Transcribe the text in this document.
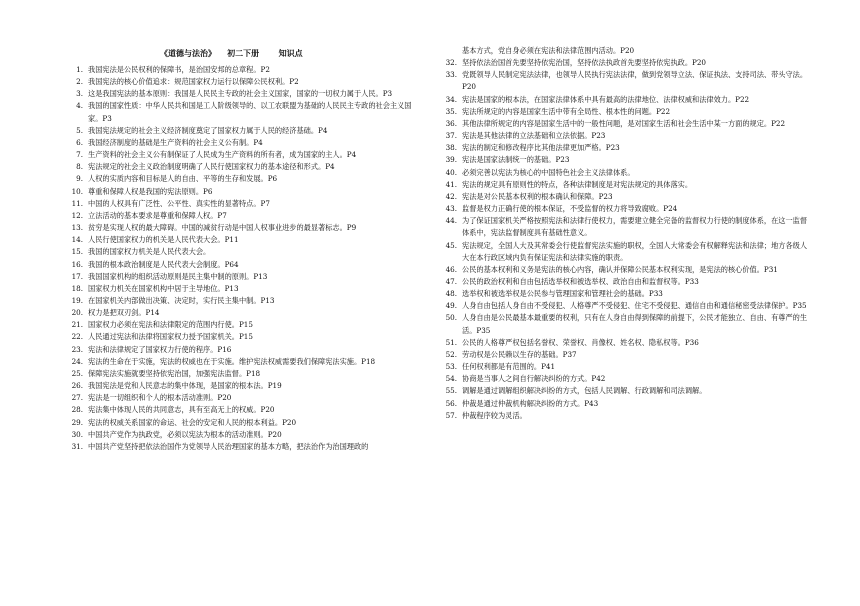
《道德与法治》    初二下册       知识点
1. 我国宪法是公民权利的保障书，是治国安邦的总章程。P2
2. 我国宪法的核心价值追求：规范国家权力运行以保障公民权利。P2
3. 这是我国宪法的基本原则：我国是人民民主专政的社会主义国家，国家的一切权力属于人民。P3
4. 我国的国家性质：中华人民共和国是工人阶级领导的、以工农联盟为基础的人民民主专政的社会主义国家。P3
5. 我国宪法规定的社会主义经济制度奠定了国家权力属于人民的经济基础。P4
6. 我国经济制度的基础是生产资料的社会主义公有制。P4
7. 生产资料的社会主义公有制保证了人民成为生产资料的所有者，成为国家的主人。P4
8. 宪法规定的社会主义政治制度明确了人民行使国家权力的基本途径和形式。P4
9. 人权的实质内容和目标是人的自由、平等的生存和发展。P6
10. 尊重和保障人权是我国的宪法原则。P6
11. 中国的人权具有广泛性、公平性、真实性的显著特点。P7
12. 立法活动的基本要求是尊重和保障人权。P7
13. 贫穷是实现人权的最大障碍。中国的减贫行动是中国人权事业进步的最显著标志。P9
14. 人民行使国家权力的机关是人民代表大会。P11
15. 我国的国家权力机关是人民代表大会。
16. 我国的根本政治制度是人民代表大会制度。P64
17. 我国国家机构的组织活动原则是民主集中制的原则。P13
18. 国家权力机关在国家机构中居于主导地位。P13
19. 在国家机关内部做出决策、决定时，实行民主集中制。P13
20. 权力是把双刃剑。P14
21. 国家权力必须在宪法和法律限定的范围内行使。P15
22. 人民通过宪法和法律将国家权力授予国家机关。P15
23. 宪法和法律规定了国家权力行使的程序。P16
24. 宪法的生命在于实施，宪法的权威也在于实施。维护宪法权威需要我们保障宪法实施。P18
25. 保障宪法实施就要坚持依宪治国，加强宪法监督。P18
26. 我国宪法是党和人民意志的集中体现，是国家的根本法。P19
27. 宪法是一切组织和个人的根本活动准则。P20
28. 宪法集中体现人民的共同意志，具有至高无上的权威。P20
29. 宪法的权威关系国家的命运、社会的安定和人民的根本利益。P20
30. 中国共产党作为执政党，必须以宪法为根本的活动准则。P20
31. 中国共产党坚持把依法治国作为党领导人民治理国家的基本方略，把法治作为治国理政的
基本方式，党自身必须在宪法和法律范围内活动。P20
32. 坚持依法治国首先要坚持依宪治国，坚持依法执政首先要坚持依宪执政。P20
33. 党既领导人民制定宪法法律，也领导人民执行宪法法律，做到党领导立法、保证执法、支持司法、带头守法。P20
34. 宪法是国家的根本法，在国家法律体系中具有最高的法律地位、法律权威和法律效力。P22
35. 宪法所规定的内容是国家生活中带有全局性、根本性的问题。P22
36. 其他法律所规定的内容是国家生活中的一般性问题，是对国家生活和社会生活中某一方面的规定。P22
37. 宪法是其他法律的立法基础和立法依据。P23
38. 宪法的制定和修改程序比其他法律更加严格。P23
39. 宪法是国家法制统一的基础。P23
40. 必须完善以宪法为核心的中国特色社会主义法律体系。
41. 宪法的规定具有原则性的特点，各种法律制度是对宪法规定的具体落实。
42. 宪法是对公民基本权利的根本确认和保障。P23
43. 监督是权力正确行使的根本保证，不受监督的权力将导致腐败。P24
44. 为了保证国家机关严格按照宪法和法律行使权力，需要建立健全完备的监督权力行使的制度体系，在这一监督体系中，宪法监督制度具有基础性意义。
45. 宪法规定，全国人大及其常委会行使监督宪法实施的职权，全国人大常委会有权解释宪法和法律；地方各级人大在本行政区域内负有保证宪法和法律实施的职责。
46. 公民的基本权利和义务是宪法的核心内容，确认并保障公民基本权利实现，是宪法的核心价值。P31
47. 公民的政治权利和自由包括选举权和被选举权、政治自由和监督权等。P33
48. 选举权和被选举权是公民参与管理国家和管理社会的基础。P33
49. 人身自由包括人身自由不受侵犯、人格尊严不受侵犯、住宅不受侵犯、通信自由和通信秘密受法律保护。P35
50. 人身自由是公民最基本最重要的权利，只有在人身自由得到保障的前提下，公民才能独立、自由、有尊严的生活。P35
51. 公民的人格尊严权包括名誉权、荣誉权、肖像权、姓名权、隐私权等。P36
52. 劳动权是公民赖以生存的基础。P37
53. 任何权利都是有范围的。P41
54. 协商是当事人之间自行解决纠纷的方式。P42
55. 调解是通过调解组织解决纠纷的方式，包括人民调解、行政调解和司法调解。
56. 仲裁是通过仲裁机构解决纠纷的方式。P43
57. 仲裁程序较为灵活。
